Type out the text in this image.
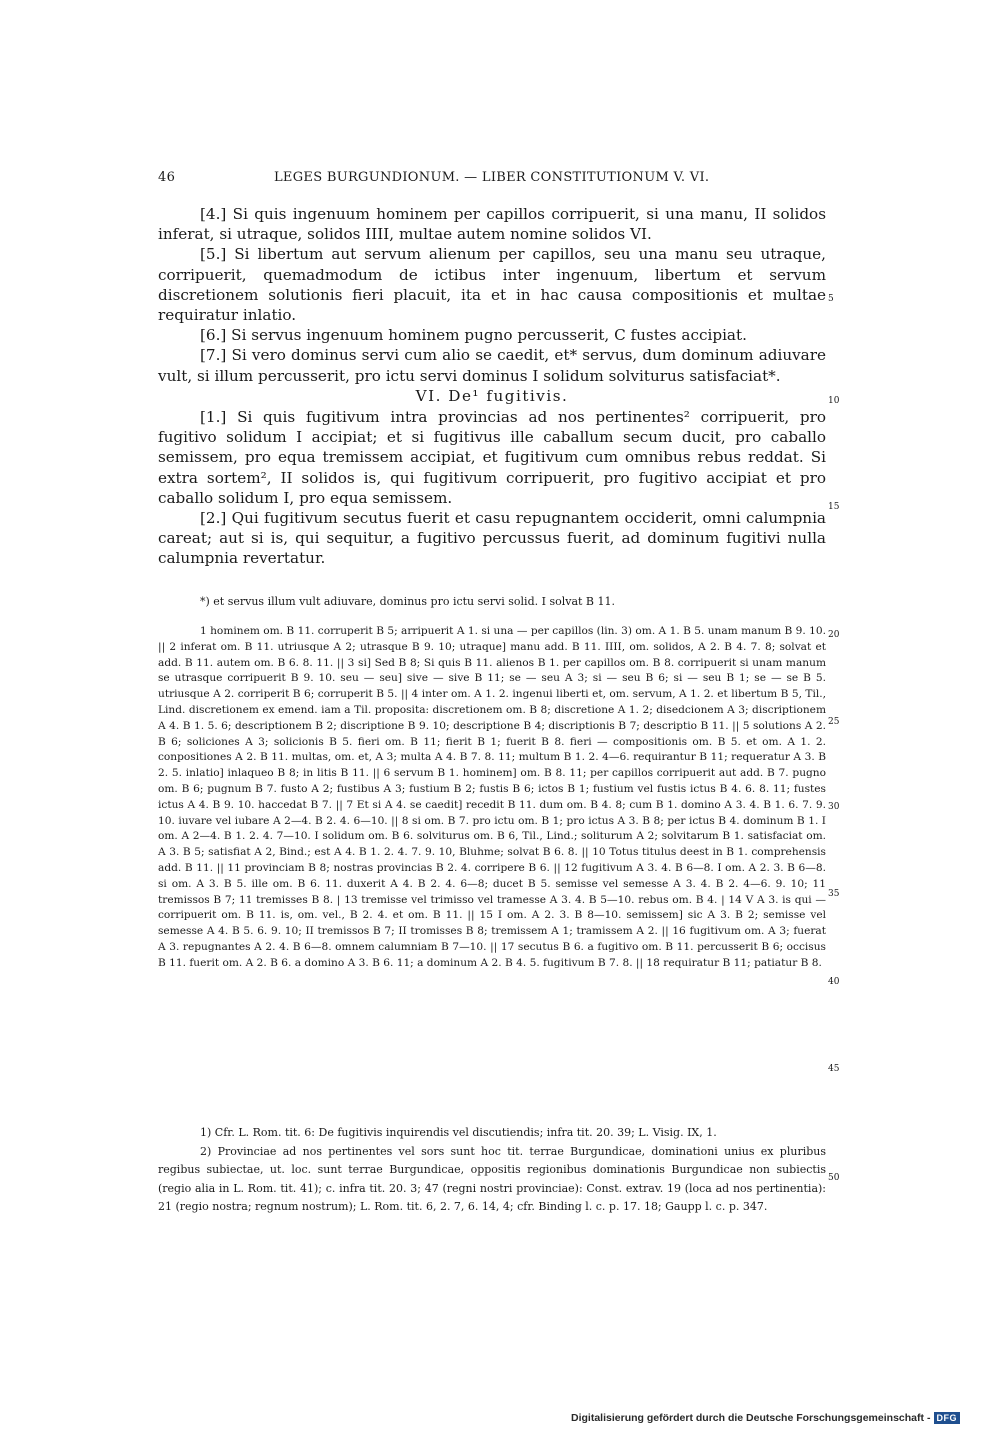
46	LEGES BURGUNDIONUM. — LIBER CONSTITUTIONUM V. VI.

[4.] Si quis ingenuum hominem per capillos corripuerit, si una manu, II solidos inferat, si utraque, solidos IIII, multae autem nomine solidos VI.

[5.] Si libertum aut servum alienum per capillos, seu una manu seu utraque, corripuerit, quemadmodum de ictibus inter ingenuum, libertum et servum discretionem solutionis fieri placuit, ita et in hac causa compositionis et multae requiratur inlatio.

[6.] Si servus ingenuum hominem pugno percusserit, C fustes accipiat.

[7.] Si vero dominus servi cum alio se caedit, et* servus, dum dominum adiuvare vult, si illum percusserit, pro ictu servi dominus I solidum solviturus satisfaciat*.

VI. De¹ fugitivis.

[1.] Si quis fugitivum intra provincias ad nos pertinentes² corripuerit, pro fugitivo solidum I accipiat; et si fugitivus ille caballum secum ducit, pro caballo semissem, pro equa tremissem accipiat, et fugitivum cum omnibus rebus reddat. Si extra sortem², II solidos is, qui fugitivum corripuerit, pro fugitivo accipiat et pro caballo solidum I, pro equa semissem.

[2.] Qui fugitivum secutus fuerit et casu repugnantem occiderit, omni calumpnia careat; aut si is, qui sequitur, a fugitivo percussus fuerit, ad dominum fugitivi nulla calumpnia revertatur.

5
10
15
20
25
30
35
40
45
50
*) et servus illum vult adiuvare, dominus pro ictu servi solid. I solvat B 11.

1 hominem om. B 11. corruperit B 5; arripuerit A 1. si una — per capillos (lin. 3) om. A 1. B 5. unam manum B 9. 10. || 2 inferat om. B 11. utriusque A 2; utrasque B 9. 10; utraque] manu add. B 11. IIII, om. solidos, A 2. B 4. 7. 8; solvat et add. B 11. autem om. B 6. 8. 11. || 3 si] Sed B 8; Si quis B 11. alienos B 1. per capillos om. B 8. corripuerit si unam manum se utrasque corripuerit B 9. 10. seu — seu] sive — sive B 11; se — seu A 3; si — seu B 6; si — seu B 1; se — se B 5. utriusque A 2. corriperit B 6; corruperit B 5. || 4 inter om. A 1. 2. ingenui liberti et, om. servum, A 1. 2. et libertum B 5, Til., Lind. discretionem ex emend. iam a Til. proposita: discretionem om. B 8; discretione A 1. 2; disedcionem A 3; discriptionem A 4. B 1. 5. 6; descriptionem B 2; discriptione B 9. 10; descriptione B 4; discriptionis B 7; descriptio B 11. || 5 solutions A 2. B 6; soliciones A 3; solicionis B 5. fieri om. B 11; fierit B 1; fuerit B 8. fieri — compositionis om. B 5. et om. A 1. 2. conpositiones A 2. B 11. multas, om. et, A 3; multa A 4. B 7. 8. 11; multum B 1. 2. 4—6. requirantur B 11; requeratur A 3. B 2. 5. inlatio] inlaqueo B 8; in litis B 11. || 6 servum B 1. hominem] om. B 8. 11; per capillos corripuerit aut add. B 7. pugno om. B 6; pugnum B 7. fusto A 2; fustibus A 3; fustium B 2; fustis B 6; ictos B 1; fustium vel fustis ictus B 4. 6. 8. 11; fustes ictus A 4. B 9. 10. haccedat B 7. || 7 Et si A 4. se caedit] recedit B 11. dum om. B 4. 8; cum B 1. domino A 3. 4. B 1. 6. 7. 9. 10. iuvare vel iubare A 2—4. B 2. 4. 6—10. || 8 si om. B 7. pro ictu om. B 1; pro ictus A 3. B 8; per ictus B 4. dominum B 1. I om. A 2—4. B 1. 2. 4. 7—10. I solidum om. B 6. solviturus om. B 6, Til., Lind.; soliturum A 2; solvitarum B 1. satisfaciat om. A 3. B 5; satisfiat A 2, Bind.; est A 4. B 1. 2. 4. 7. 9. 10, Bluhme; solvat B 6. 8. || 10 Totus titulus deest in B 1. comprehensis add. B 11. || 11 provinciam B 8; nostras provincias B 2. 4. corripere B 6. || 12 fugitivum A 3. 4. B 6—8. I om. A 2. 3. B 6—8. si om. A 3. B 5. ille om. B 6. 11. duxerit A 4. B 2. 4. 6—8; ducet B 5. semisse vel semesse A 3. 4. B 2. 4—6. 9. 10; 11 tremissos B 7; 11 tremisses B 8. | 13 tremisse vel trimisso vel tramesse A 3. 4. B 5—10. rebus om. B 4. | 14 V A 3. is qui — corripuerit om. B 11. is, om. vel., B 2. 4. et om. B 11. || 15 I om. A 2. 3. B 8—10. semissem] sic A 3. B 2; semisse vel semesse A 4. B 5. 6. 9. 10; II tremissos B 7; II tromisses B 8; tremissem A 1; tramissem A 2. || 16 fugitivum om. A 3; fuerat A 3. repugnantes A 2. 4. B 6—8. omnem calumniam B 7—10. || 17 secutus B 6. a fugitivo om. B 11. percusserit B 6; occisus B 11. fuerit om. A 2. B 6. a domino A 3. B 6. 11; a dominum A 2. B 4. 5. fugitivum B 7. 8. || 18 requiratur B 11; patiatur B 8.

1) Cfr. L. Rom. tit. 6: De fugitivis inquirendis vel discutiendis; infra tit. 20. 39; L. Visig. IX, 1.

2) Provinciae ad nos pertinentes vel sors sunt hoc tit. terrae Burgundicae, dominationi unius ex pluribus regibus subiectae, ut. loc. sunt terrae Burgundicae, oppositis regionibus dominationis Burgundicae non subiectis (regio alia in L. Rom. tit. 41); c. infra tit. 20. 3; 47 (regni nostri provinciae): Const. extrav. 19 (loca ad nos pertinentia): 21 (regio nostra; regnum nostrum); L. Rom. tit. 6, 2. 7, 6. 14, 4; cfr. Binding l. c. p. 17. 18; Gaupp l. c. p. 347.

Digitalisierung gefördert durch die Deutsche Forschungsgemeinschaft - DFG
